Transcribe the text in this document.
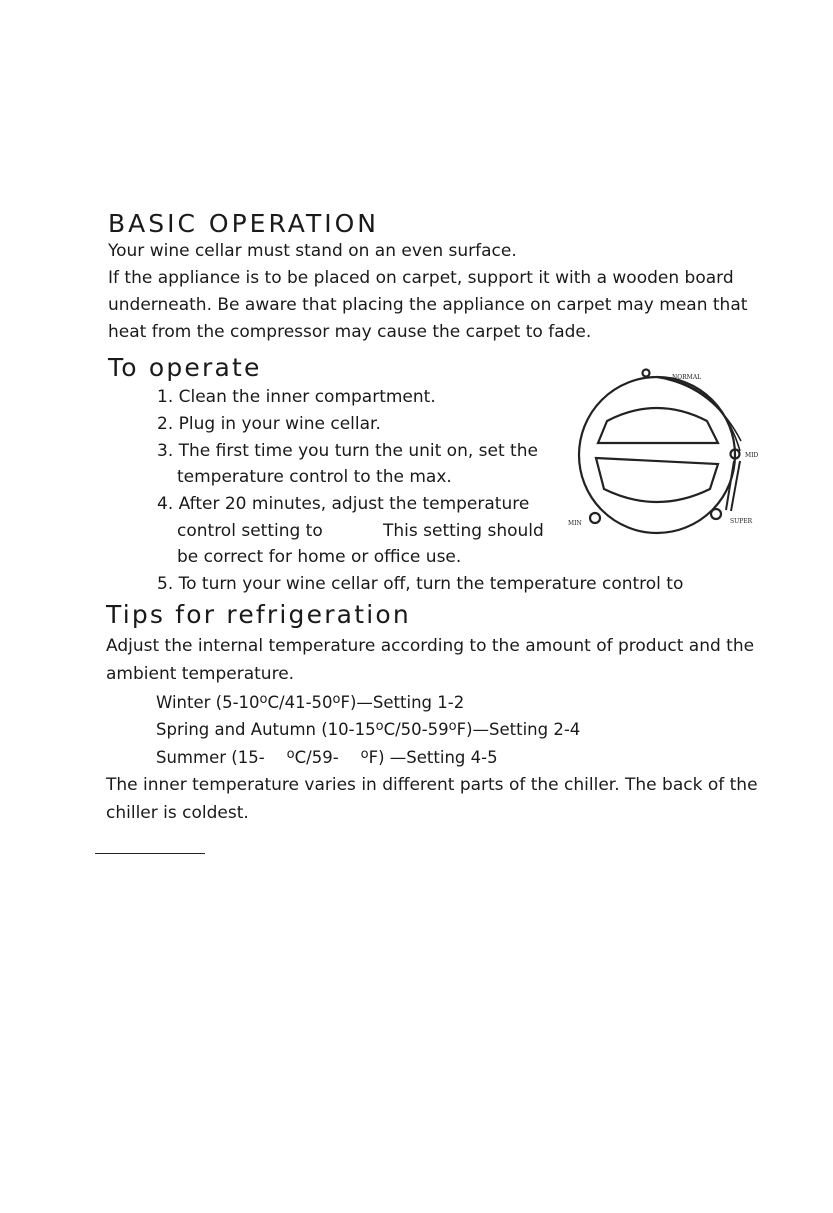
BASIC OPERATION
Your wine cellar must stand on an even surface.
If the appliance is to be placed on carpet, support it with a wooden board
underneath. Be aware that placing the appliance on carpet may mean that
heat from the compressor may cause the carpet to fade.
To operate
1. Clean the inner compartment.
2. Plug in your wine cellar.
3. The first time you turn the unit on, set the
temperature control to the max.
4. After 20 minutes, adjust the temperature
control setting to	This setting should
be correct for home or office use.
5. To turn your wine cellar off, turn the temperature control to
NORMAL
MID
MIN	SUPER
Tips for refrigeration
Adjust the internal temperature according to the amount of product and the
ambient temperature.
Winter (5-10$^o$C/41-50$^o$F)—Setting 1-2
Spring and Autumn (10-15$^o$C/50-59$^o$F)—Setting 2-4
Summer (15- $^o$C/59- $^o$F) —Setting 4-5
The inner temperature varies in different parts of the chiller. The back of the
chiller is coldest.
